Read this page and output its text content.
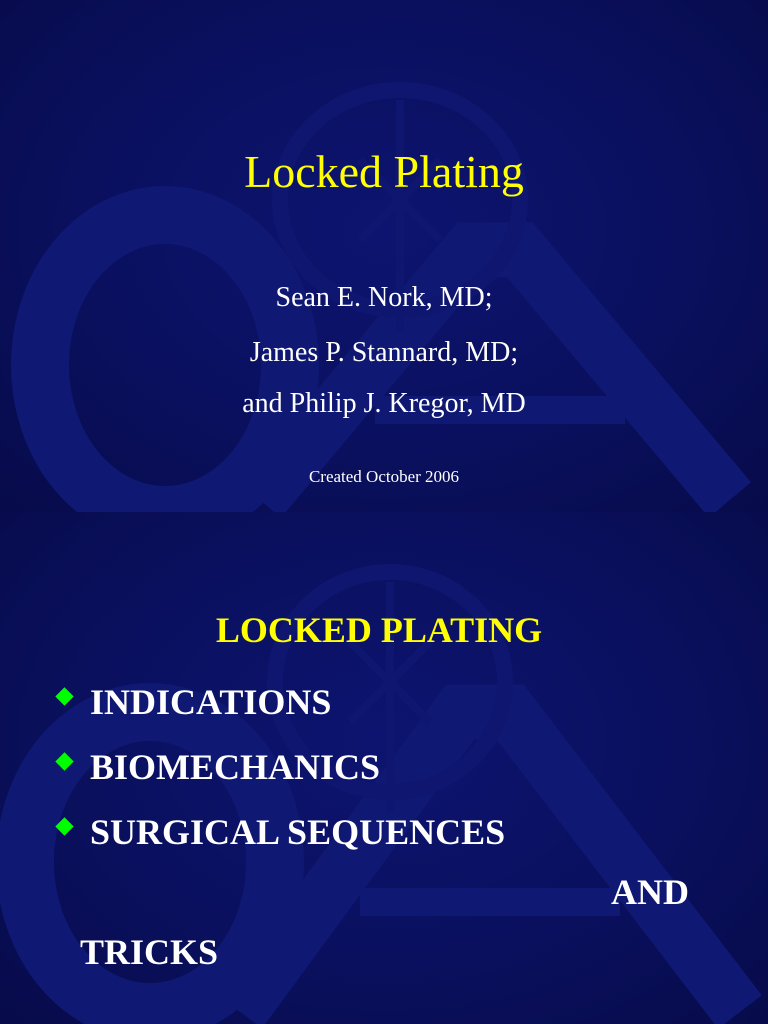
Locked Plating
Sean E. Nork, MD;
James P. Stannard, MD;
and Philip J. Kregor, MD
Created October 2006
LOCKED PLATING
INDICATIONS
BIOMECHANICS
SURGICAL SEQUENCES
AND
TRICKS
